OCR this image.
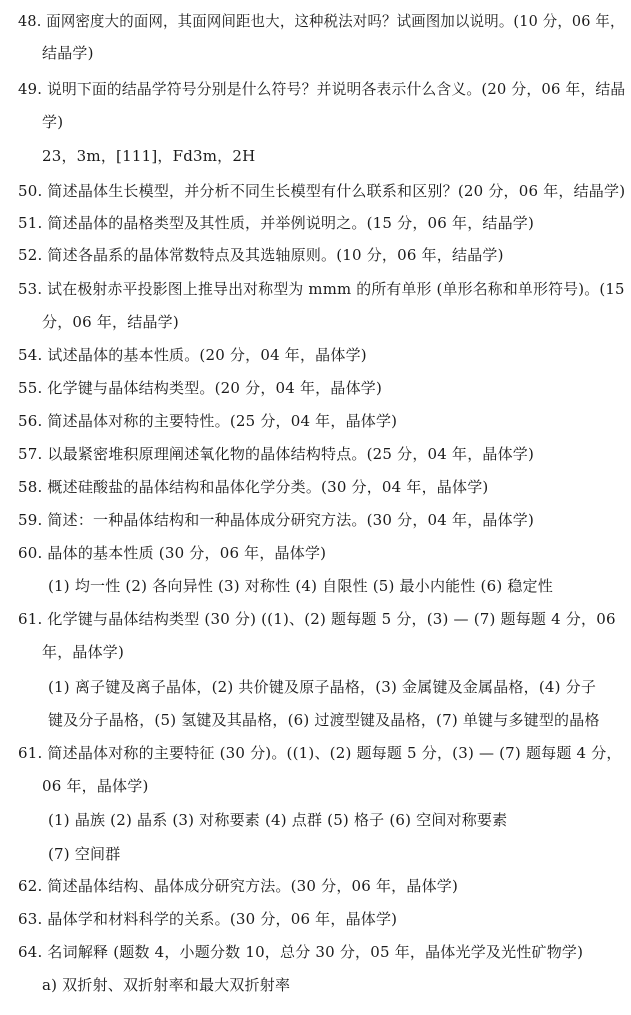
48. 面网密度大的面网，其面网间距也大，这种税法对吗？试画图加以说明。(10 分，06 年，
结晶学)
49. 说明下面的结晶学符号分别是什么符号？并说明各表示什么含义。(20 分，06 年，结晶
学)
23，3m，[111]，Fd3m，2H
50. 简述晶体生长模型，并分析不同生长模型有什么联系和区别？(20 分，06 年，结晶学)
51. 简述晶体的晶格类型及其性质，并举例说明之。(15 分，06 年，结晶学)
52. 简述各晶系的晶体常数特点及其选轴原则。(10 分，06 年，结晶学)
53. 试在极射赤平投影图上推导出对称型为 mmm 的所有单形 (单形名称和单形符号)。(15
分，06 年，结晶学)
54. 试述晶体的基本性质。(20 分，04 年，晶体学)
55. 化学键与晶体结构类型。(20 分，04 年，晶体学)
56. 简述晶体对称的主要特性。(25 分，04 年，晶体学)
57. 以最紧密堆积原理阐述氧化物的晶体结构特点。(25 分，04 年，晶体学)
58. 概述硅酸盐的晶体结构和晶体化学分类。(30 分，04 年，晶体学)
59. 简述：一种晶体结构和一种晶体成分研究方法。(30 分，04 年，晶体学)
60. 晶体的基本性质 (30 分，06 年，晶体学)
(1) 均一性 (2) 各向异性 (3) 对称性 (4) 自限性 (5) 最小内能性 (6) 稳定性
61. 化学键与晶体结构类型 (30 分) ((1)、(2) 题每题 5 分，(3) — (7) 题每题 4 分，06
年，晶体学)
(1) 离子键及离子晶体，(2) 共价键及原子晶格，(3) 金属键及金属晶格，(4) 分子
键及分子晶格，(5) 氢键及其晶格，(6) 过渡型键及晶格，(7) 单键与多键型的晶格
61. 简述晶体对称的主要特征 (30 分)。((1)、(2) 题每题 5 分，(3) — (7) 题每题 4 分，
06 年，晶体学)
(1) 晶族 (2) 晶系 (3) 对称要素 (4) 点群 (5) 格子 (6) 空间对称要素
(7) 空间群
62. 简述晶体结构、晶体成分研究方法。(30 分，06 年，晶体学)
63. 晶体学和材料科学的关系。(30 分，06 年，晶体学)
64. 名词解释 (题数 4，小题分数 10，总分 30 分，05 年，晶体光学及光性矿物学)
a) 双折射、双折射率和最大双折射率
